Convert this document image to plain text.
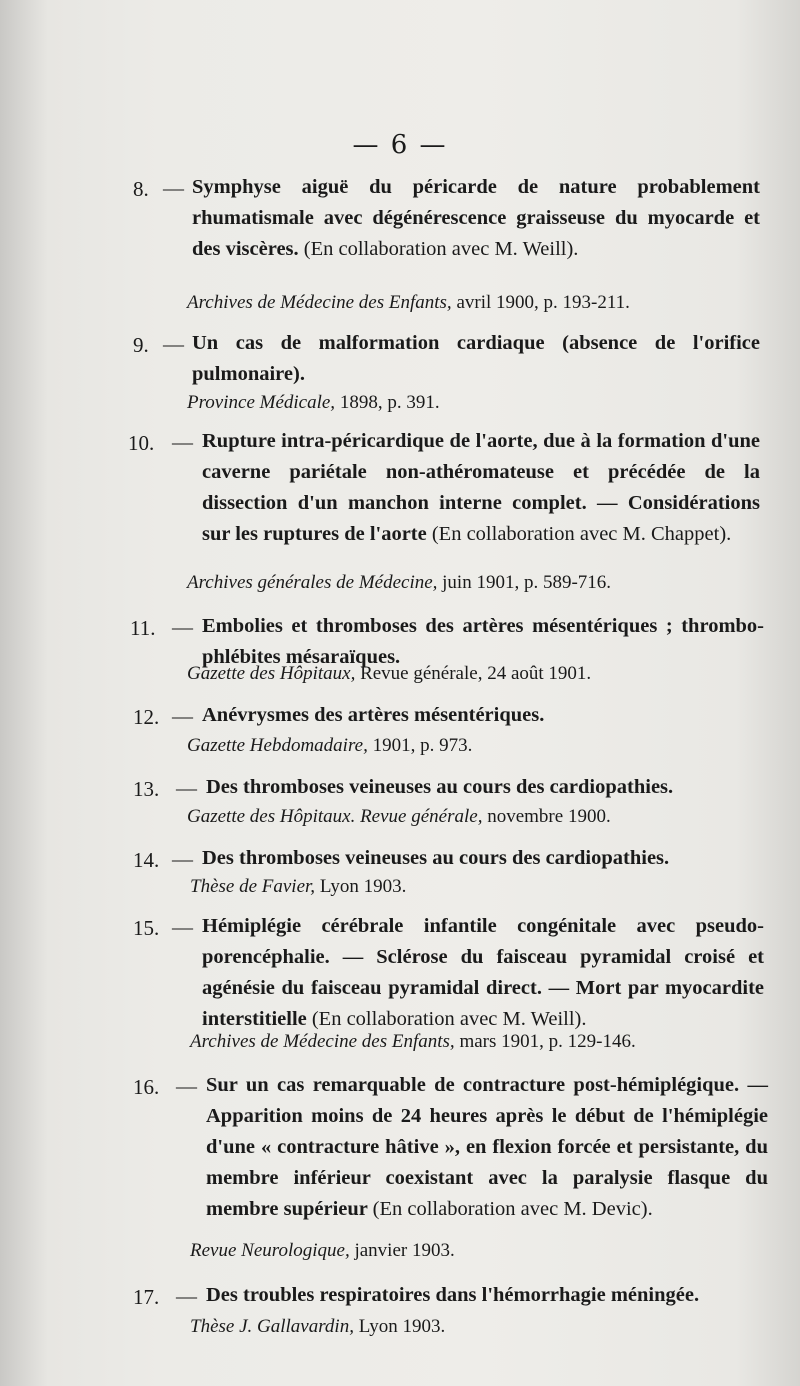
— 6 —
8. — Symphyse aiguë du péricarde de nature probablement rhumatismale avec dégénérescence graisseuse du myocarde et des viscères. (En collaboration avec M. Weill).
Archives de Médecine des Enfants, avril 1900, p. 193-211.
9. — Un cas de malformation cardiaque (absence de l'orifice pulmonaire).
Province Médicale, 1898, p. 391.
10. — Rupture intra-péricardique de l'aorte, due à la formation d'une caverne pariétale non-athéromateuse et précédée de la dissection d'un manchon interne complet. — Considérations sur les ruptures de l'aorte (En collaboration avec M. Chappet).
Archives générales de Médecine, juin 1901, p. 589-716.
11. — Embolies et thromboses des artères mésentériques ; thrombo-phlébites mésaraïques.
Gazette des Hôpitaux, Revue générale, 24 août 1901.
12. — Anévrysmes des artères mésentériques.
Gazette Hebdomadaire, 1901, p. 973.
13. — Des thromboses veineuses au cours des cardiopathies.
Gazette des Hôpitaux. Revue générale, novembre 1900.
14. — Des thromboses veineuses au cours des cardiopathies.
Thèse de Favier, Lyon 1903.
15. — Hémiplégie cérébrale infantile congénitale avec pseudo-porencéphalie. — Sclérose du faisceau pyramidal croisé et agénésie du faisceau pyramidal direct. — Mort par myocardite interstitielle (En collaboration avec M. Weill).
Archives de Médecine des Enfants, mars 1901, p. 129-146.
16. — Sur un cas remarquable de contracture post-hémiplégique. — Apparition moins de 24 heures après le début de l'hémiplégie d'une « contracture hâtive », en flexion forcée et persistante, du membre inférieur coexistant avec la paralysie flasque du membre supérieur (En collaboration avec M. Devic).
Revue Neurologique, janvier 1903.
17. — Des troubles respiratoires dans l'hémorrhagie méningée.
Thèse J. Gallavardin, Lyon 1903.
